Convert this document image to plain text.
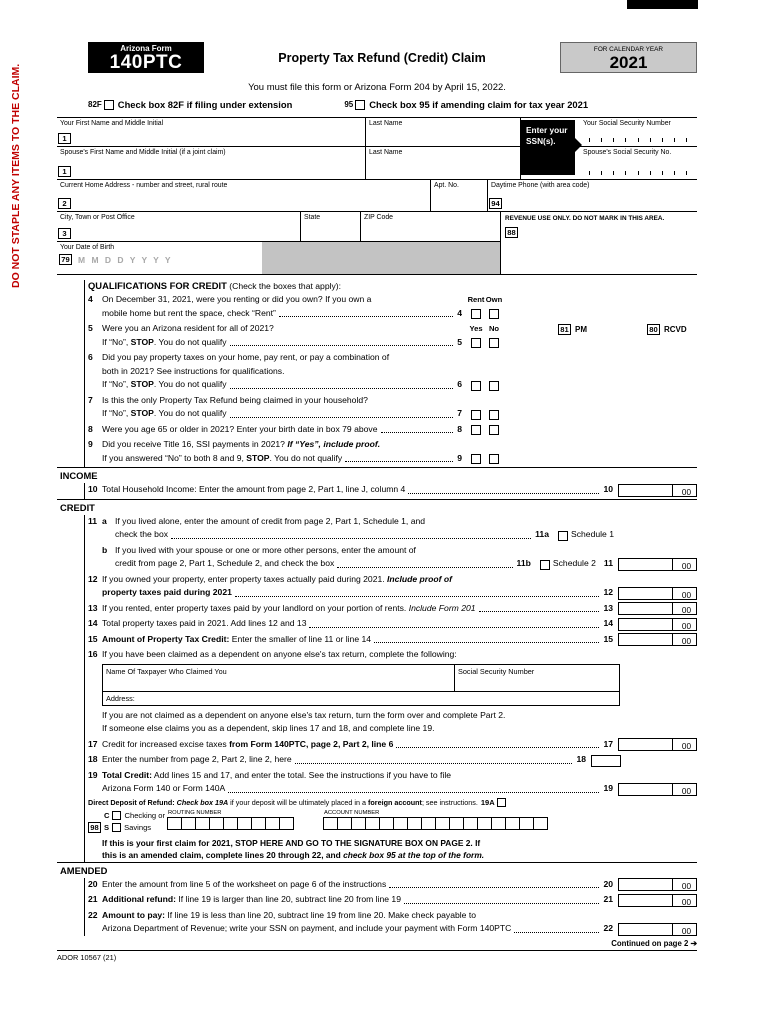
DO NOT STAPLE ANY ITEMS TO THE CLAIM.
Arizona Form
140PTC	Property Tax Refund (Credit) Claim
FOR CALENDAR YEAR
2021
You must file this form or Arizona Form 204 by April 15, 2022.
82F Check box 82F if filing under extension	95 Check box 95 if amending claim for tax year 2021
Enter your SSN(s).
Your First Name and Middle Initial
1
Last Name	Your Social Security Number
Spouse's First Name and Middle Initial (if a joint claim)
1
Last Name	Spouse's Social Security No.
Current Home Address - number and street, rural route
2
Apt. No.	Daytime Phone (with area code)
94
City, Town or Post Office
3
State	ZIP Code
Your Date of Birth
79 M M D D Y Y Y Y
REVENUE USE ONLY. DO NOT MARK IN THIS AREA.
88
QUALIFICATIONS FOR CREDIT (Check the boxes that apply):
4	On December 31, 2021, were you renting or did you own? If you own a	Rent Own
mobile home but rent the space, check “Rent”	4
5	Were you an Arizona resident for all of 2021?	Yes No
If “No”, STOP. You do not qualify	5
6	Did you pay property taxes on your home, pay rent, or pay a combination of
both in 2021? See instructions for qualifications.
If “No”, STOP. You do not qualify	6
7	Is this the only Property Tax Refund being claimed in your household?
If “No”, STOP. You do not qualify	7
8	Were you age 65 or older in 2021? Enter your birth date in box 79 above	8
9	Did you receive Title 16, SSI payments in 2021? If “Yes”, include proof.
If you answered “No” to both 8 and 9, STOP. You do not qualify	9
81 PM	80 RCVD
INCOME
10 Total Household Income: Enter the amount from page 2, Part 1, line J, column 4	10	00
CREDIT
11 a If you lived alone, enter the amount of credit from page 2, Part 1, Schedule 1, and
check the box	11a	Schedule 1
b If you lived with your spouse or one or more other persons, enter the amount of
credit from page 2, Part 1, Schedule 2, and check the box	11b	Schedule 2 11	00
12 If you owned your property, enter property taxes actually paid during 2021. Include proof of
property taxes paid during 2021	12	00
13 If you rented, enter property taxes paid by your landlord on your portion of rents. Include Form 201	13	00
14 Total property taxes paid in 2021. Add lines 12 and 13	14	00
15 Amount of Property Tax Credit: Enter the smaller of line 11 or line 14	15	00
16 If you have been claimed as a dependent on anyone else's tax return, complete the following:
Name Of Taxpayer Who Claimed You	Social Security Number
Address:
If you are not claimed as a dependent on anyone else's tax return, turn the form over and complete Part 2.
If someone else claims you as a dependent, skip lines 17 and 18, and complete line 19.
17 Credit for increased excise taxes from Form 140PTC, page 2, Part 2, line 6	17	00
18 Enter the number from page 2, Part 2, line 2, here	18
19 Total Credit: Add lines 15 and 17, and enter the total. See the instructions if you have to file
Arizona Form 140 or Form 140A	19	00
Direct Deposit of Refund: Check box 19A if your deposit will be ultimately placed in a foreign account; see instructions. 19A
C Checking or
98 S Savings
ROUTING NUMBER	ACCOUNT NUMBER
If this is your first claim for 2021, STOP HERE AND GO TO THE SIGNATURE BOX ON PAGE 2. If
this is an amended claim, complete lines 20 through 22, and check box 95 at the top of the form.
AMENDED
20 Enter the amount from line 5 of the worksheet on page 6 of the instructions	20	00
21 Additional refund: If line 19 is larger than line 20, subtract line 20 from line 19	21	00
22 Amount to pay: If line 19 is less than line 20, subtract line 19 from line 20. Make check payable to
Arizona Department of Revenue; write your SSN on payment, and include your payment with Form 140PTC	22	00
Continued on page 2 ➔
ADOR 10567 (21)
